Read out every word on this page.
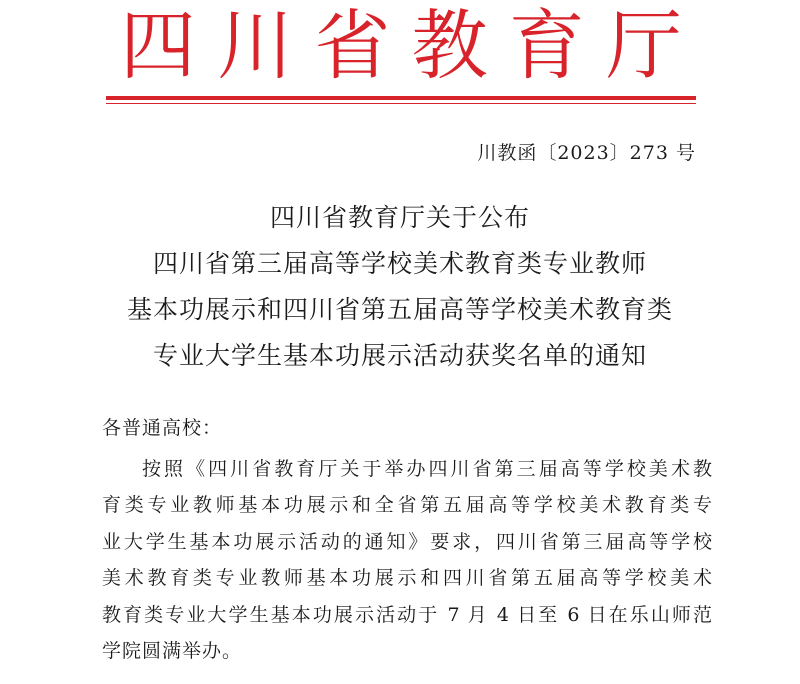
四 川 省 教 育 厅
川教函〔2023〕273 号
四川省教育厅关于公布
四川省第三届高等学校美术教育类专业教师
基本功展示和四川省第五届高等学校美术教育类
专业大学生基本功展示活动获奖名单的通知
各普通高校：
按照《四川省教育厅关于举办四川省第三届高等学校美术教
育类专业教师基本功展示和全省第五届高等学校美术教育类专
业大学生基本功展示活动的通知》要求，四川省第三届高等学校
美术教育类专业教师基本功展示和四川省第五届高等学校美术
教育类专业大学生基本功展示活动于 7 月 4 日至 6 日在乐山师范
学院圆满举办。
